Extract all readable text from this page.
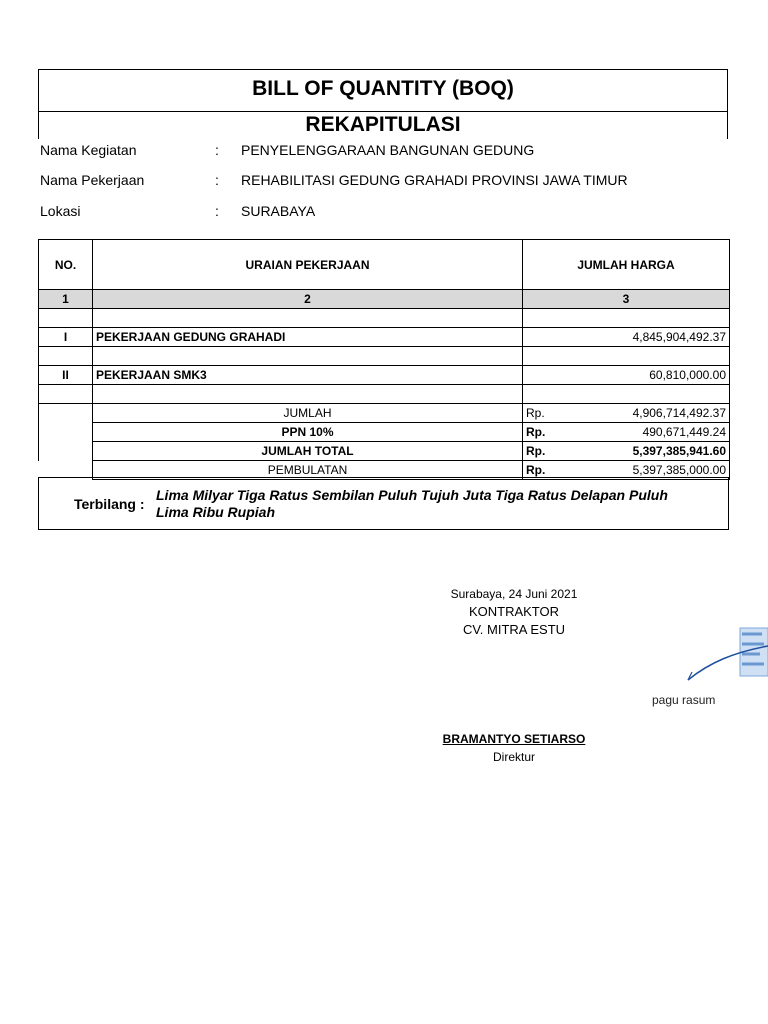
BILL OF QUANTITY (BOQ)
REKAPITULASI
Nama Kegiatan	: PENYELENGGARAAN BANGUNAN GEDUNG
Nama Pekerjaan	: REHABILITASI GEDUNG GRAHADI PROVINSI JAWA TIMUR
Lokasi	: SURABAYA
NO.	URAIAN PEKERJAAN	JUMLAH HARGA
1	2	3

I	PEKERJAAN GEDUNG GRAHADI	4,845,904,492.37

II	PEKERJAAN SMK3	60,810,000.00

	JUMLAH	Rp. 4,906,714,492.37

	PPN 10%	Rp. 490,671,449.24

	JUMLAH TOTAL	Rp. 5,397,385,941.60

	PEMBULATAN	Rp. 5,397,385,000.00
Terbilang :
Lima Milyar Tiga Ratus Sembilan Puluh Tujuh Juta Tiga Ratus Delapan Puluh
Lima Ribu Rupiah
Surabaya, 24 Juni 2021
KONTRAKTOR
CV. MITRA ESTU
pagu rasum
BRAMANTYO SETIARSO
Direktur
